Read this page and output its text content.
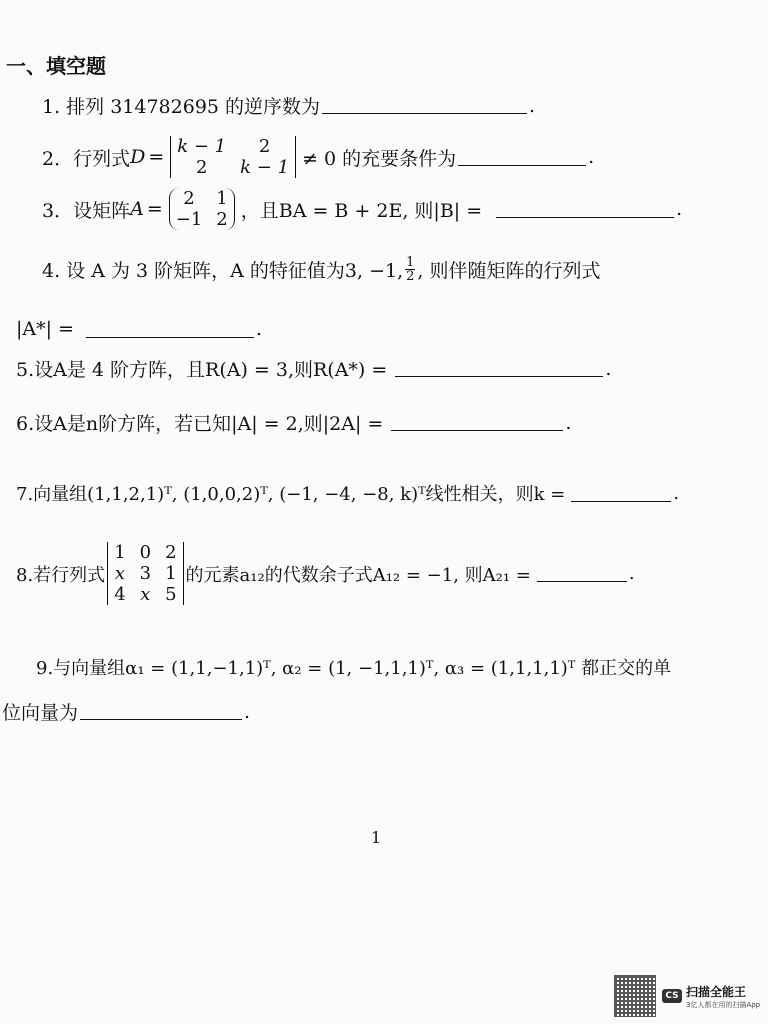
一、填空题
1. 排列 314782695 的逆序数为	.
2．行列式 D = k − 1	2
2	k − 1 ≠ 0 的充要条件为	.
3．设矩阵 A =	2	1
−1 2 ，且BA = B + 2E, 则|B| =	.
4. 设 A 为 3 阶矩阵，A 的特征值为3, −1, $\frac{1}{2}$ , 则伴随矩阵的行列式
|A*| =	.
5.设A是 4 阶方阵，且R(A) = 3,则R(A*) =	.
6.设A是n阶方阵，若已知|A| = 2,则|2A| =	.
7.向量组(1,1,2,1)ᵀ, (1,0,0,2)ᵀ, (−1, −4, −8, k)ᵀ线性相关，则k =	.
8.若行列式
1 0 2
x 3 1
4 x 5
的元素a₁₂的代数余子式A₁₂ = −1, 则A₂₁ =	.
9.与向量组α₁ = (1,1,−1,1)ᵀ, α₂ = (1, −1,1,1)ᵀ, α₃ = (1,1,1,1)ᵀ 都正交的单
位向量为	.
1
CS 扫描全能王
3亿人都在用的扫描App
